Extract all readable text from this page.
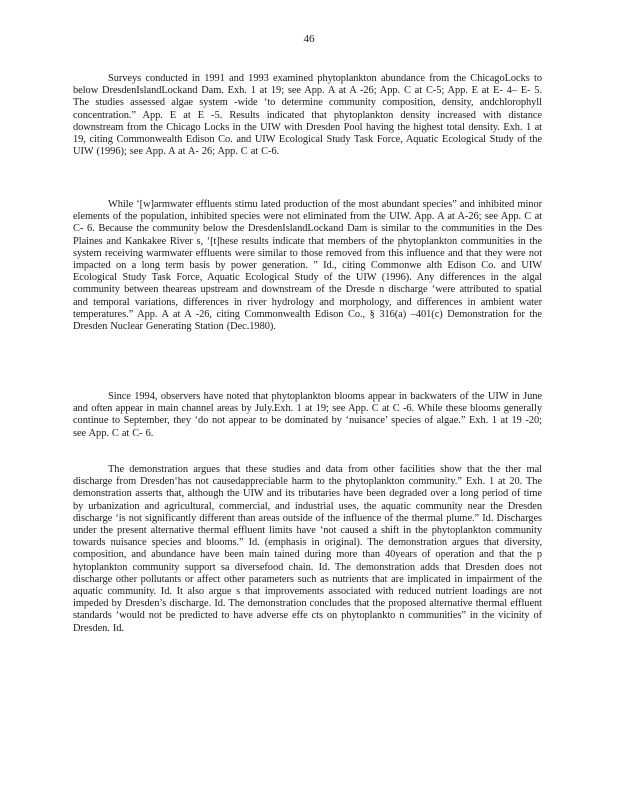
46

Surveys conducted in 1991 and 1993 examined phytoplankton abundance from the ChicagoLocks to below DresdenIslandLockand Dam. Exh. 1 at 19; see App. A at A -26; App. C at C-5; App. E at E- 4– E- 5. The studies assessed algae system -wide ‘to determine community composition, density, andchlorophyll concentration.” App. E at E -5. Results indicated that phytoplankton density increased with distance downstream from the Chicago Locks in the UIW with Dresden Pool having the highest total density. Exh. 1 at 19, citing Commonwealth Edison Co. and UIW Ecological Study Task Force, Aquatic Ecological Study of the UIW (1996); see App. A at A- 26; App. C at C-6.

While ‘[w]armwater effluents stimu lated production of the most abundant species” and inhibited minor elements of the population, inhibited species were not eliminated from the UIW. App. A at A-26; see App. C at C- 6. Because the community below the DresdenIslandLockand Dam is similar to the communities in the Des Plaines and Kankakee River s, ‘[t]hese results indicate that members of the phytoplankton communities in the system receiving warmwater effluents were similar to those removed from this influence and that they were not impacted on a long term basis by power generation. ” Id., citing Commonwe alth Edison Co. and UIW Ecological Study Task Force, Aquatic Ecological Study of the UIW (1996). Any differences in the algal community between theareas upstream and downstream of the Dresde n discharge ‘were attributed to spatial and temporal variations, differences in river hydrology and morphology, and differences in ambient water temperatures.” App. A at A -26, citing Commonwealth Edison Co., § 316(a) –401(c) Demonstration for the Dresden Nuclear Generating Station (Dec.1980).

Since 1994, observers have noted that phytoplankton blooms appear in backwaters of the UIW in June and often appear in main channel areas by July.Exh. 1 at 19; see App. C at C -6. While these blooms generally continue to September, they ‘do not appear to be dominated by ‘nuisance’ species of algae.” Exh. 1 at 19 -20; see App. C at C- 6.

The demonstration argues that these studies and data from other facilities show that the ther mal discharge from Dresden‘has not causedappreciable harm to the phytoplankton community.” Exh. 1 at 20. The demonstration asserts that, although the UIW and its tributaries have been degraded over a long period of time by urbanization and agricultural, commercial, and industrial uses, the aquatic community near the Dresden discharge ‘is not significantly different than areas outside of the influence of the thermal plume.” Id. Discharges under the present alternative thermal effluent limits have ‘not caused a shift in the phytoplankton community towards nuisance species and blooms.” Id. (emphasis in original). The demonstration argues that diversity, composition, and abundance have been main tained during more than 40years of operation and that the p hytoplankton community support sa diversefood chain. Id. The demonstration adds that Dresden does not discharge other pollutants or affect other parameters such as nutrients that are implicated in impairment of the aquatic community. Id. It also argue s that improvements associated with reduced nutrient loadings are not impeded by Dresden’s discharge. Id. The demonstration concludes that the proposed alternative thermal effluent standards ‘would not be predicted to have adverse effe cts on phytoplankto n communities” in the vicinity of Dresden. Id.
